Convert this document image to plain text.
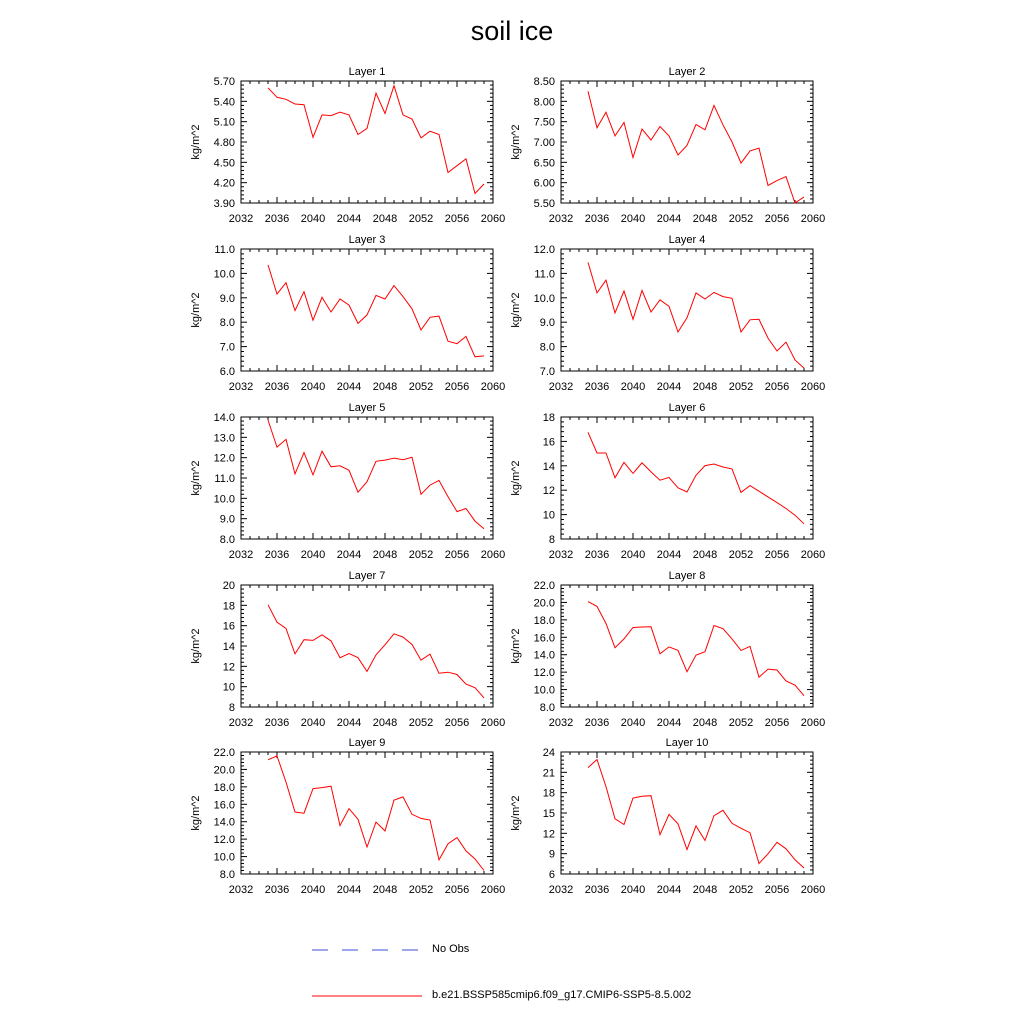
soil ice
Layer 1
kg/m^2
2032 2036 2040 2044 2048 2052 2056 2060
3.90
4.20
4.50
4.80
5.10
5.40
5.70
Layer 2
kg/m^2
2032 2036 2040 2044 2048 2052 2056 2060
5.50
6.00
6.50
7.00
7.50
8.00
8.50
Layer 3
kg/m^2
2032 2036 2040 2044 2048 2052 2056 2060
6.0
7.0
8.0
9.0
10.0
11.0
Layer 4
kg/m^2
2032 2036 2040 2044 2048 2052 2056 2060
7.0
8.0
9.0
10.0
11.0
12.0
Layer 5
kg/m^2
2032 2036 2040 2044 2048 2052 2056 2060
8.0
9.0
10.0
11.0
12.0
13.0
14.0
Layer 6
kg/m^2
2032 2036 2040 2044 2048 2052 2056 2060
8
10
12
14
16
18
Layer 7
kg/m^2
2032 2036 2040 2044 2048 2052 2056 2060
8
10
12
14
16
18
20
Layer 8
kg/m^2
2032 2036 2040 2044 2048 2052 2056 2060
8.0
10.0
12.0
14.0
16.0
18.0
20.0
22.0
Layer 9
kg/m^2
2032 2036 2040 2044 2048 2052 2056 2060
8.0
10.0
12.0
14.0
16.0
18.0
20.0
22.0
Layer 10
kg/m^2
2032 2036 2040 2044 2048 2052 2056 2060
6
9
12
15
18
21
24
No Obs
b.e21.BSSP585cmip6.f09_g17.CMIP6-SSP5-8.5.002
